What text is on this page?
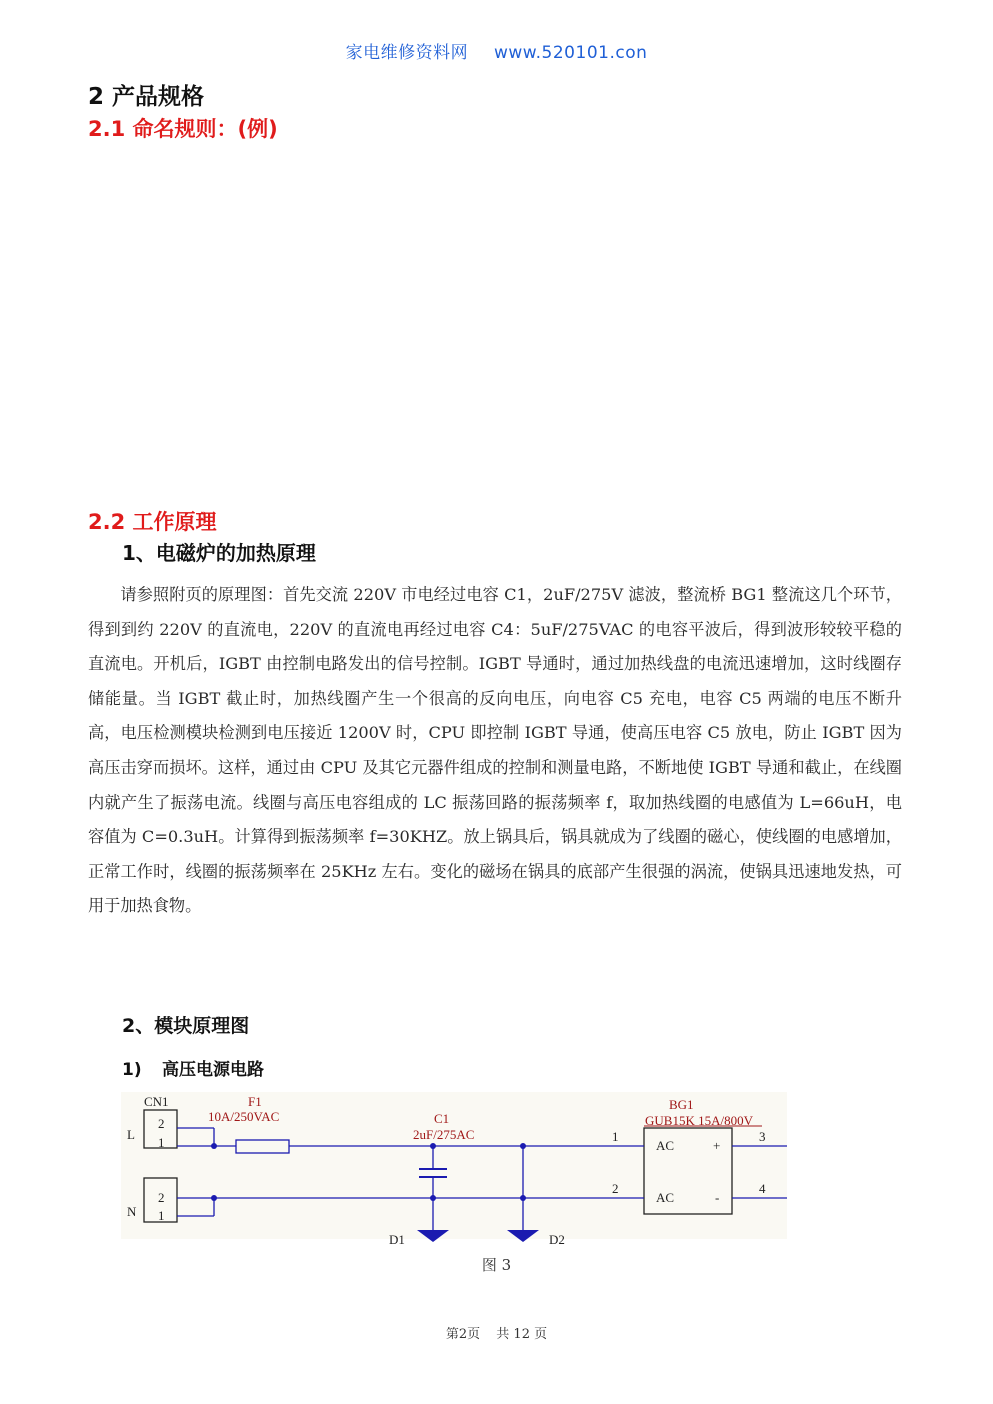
家电维修资料网 www.520101.con
2 产品规格
2.1 命名规则：(例)
2.2 工作原理
1、电磁炉的加热原理

请参照附页的原理图：首先交流 220V 市电经过电容 C1，2uF/275V 滤波，整流桥 BG1 整流这几个环节，得到到约 220V 的直流电，220V 的直流电再经过电容 C4：5uF/275VAC 的电容平波后，得到波形较较平稳的直流电。开机后，IGBT 由控制电路发出的信号控制。IGBT 导通时，通过加热线盘的电流迅速增加，这时线圈存储能量。当 IGBT 截止时，加热线圈产生一个很高的反向电压，向电容 C5 充电，电容 C5 两端的电压不断升高，电压检测模块检测到电压接近 1200V 时，CPU 即控制 IGBT 导通，使高压电容 C5 放电，防止 IGBT 因为高压击穿而损坏。这样，通过由 CPU 及其它元器件组成的控制和测量电路，不断地使 IGBT 导通和截止，在线圈内就产生了振荡电流。线圈与高压电容组成的 LC 振荡回路的振荡频率 f，取加热线圈的电感值为 L=66uH，电容值为 C=0.3uH。计算得到振荡频率 f=30KHZ。放上锅具后，锅具就成为了线圈的磁心，使线圈的电感增加，正常工作时，线圈的振荡频率在 25KHz 左右。变化的磁场在锅具的底部产生很强的涡流，使锅具迅速地发热，可用于加热食物。

2、模块原理图
1) 高压电源电路
CN1
L
N
2
1
2
1
F1
10A/250VAC	C1
2uF/275AC
BG1
GUB15K 15A/800V
1
2
3
4
AC
AC
+
-
D1	D2
图 3
第2页 共 12 页
